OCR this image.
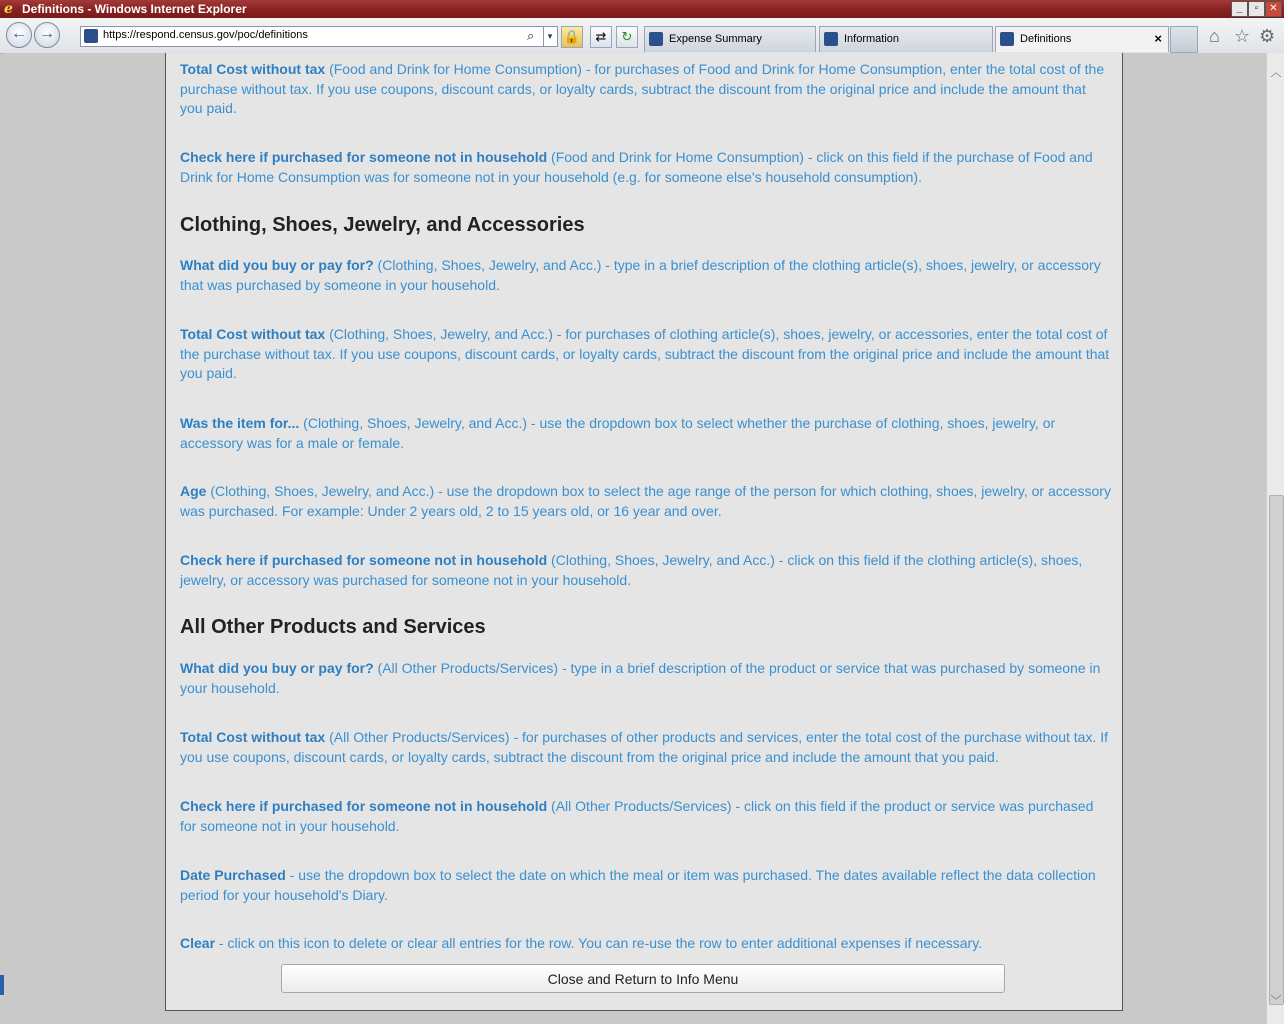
e Definitions - Windows Internet Explorer	_	▫	✕
← →	https://respond.census.gov/poc/definitions	⌕	▾ 🔒	⇄	↻	Expense Summary	Information	Definitions	×	⌂ ☆ ⚙

Total Cost without tax (Food and Drink for Home Consumption) - for purchases of Food and Drink for Home Consumption, enter the total cost of the purchase without tax. If you use coupons, discount cards, or loyalty cards, subtract the discount from the original price and include the amount that you paid.

Check here if purchased for someone not in household (Food and Drink for Home Consumption) - click on this field if the purchase of Food and Drink for Home Consumption was for someone not in your household (e.g. for someone else's household consumption).

Clothing, Shoes, Jewelry, and Accessories

What did you buy or pay for? (Clothing, Shoes, Jewelry, and Acc.) - type in a brief description of the clothing article(s), shoes, jewelry, or accessory that was purchased by someone in your household.

Total Cost without tax (Clothing, Shoes, Jewelry, and Acc.) - for purchases of clothing article(s), shoes, jewelry, or accessories, enter the total cost of the purchase without tax. If you use coupons, discount cards, or loyalty cards, subtract the discount from the original price and include the amount that you paid.

Was the item for... (Clothing, Shoes, Jewelry, and Acc.) - use the dropdown box to select whether the purchase of clothing, shoes, jewelry, or accessory was for a male or female.

Age (Clothing, Shoes, Jewelry, and Acc.) - use the dropdown box to select the age range of the person for which clothing, shoes, jewelry, or accessory was purchased. For example: Under 2 years old, 2 to 15 years old, or 16 year and over.

Check here if purchased for someone not in household (Clothing, Shoes, Jewelry, and Acc.) - click on this field if the clothing article(s), shoes, jewelry, or accessory was purchased for someone not in your household.

All Other Products and Services

What did you buy or pay for? (All Other Products/Services) - type in a brief description of the product or service that was purchased by someone in your household.

Total Cost without tax (All Other Products/Services) - for purchases of other products and services, enter the total cost of the purchase without tax. If you use coupons, discount cards, or loyalty cards, subtract the discount from the original price and include the amount that you paid.

Check here if purchased for someone not in household (All Other Products/Services) - click on this field if the product or service was purchased for someone not in your household.

Date Purchased - use the dropdown box to select the date on which the meal or item was purchased. The dates available reflect the data collection period for your household's Diary.

Clear - click on this icon to delete or clear all entries for the row. You can re-use the row to enter additional expenses if necessary.

Close and Return to Info Menu
︿
﹀
